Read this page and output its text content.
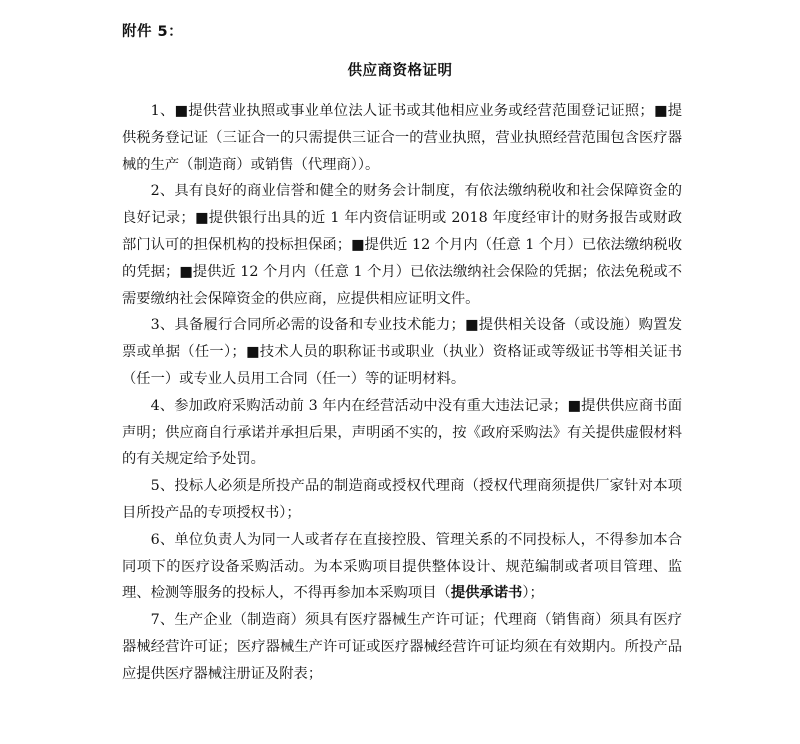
附件 5：
供应商资格证明

1、■提供营业执照或事业单位法人证书或其他相应业务或经营范围登记证照；■提供税务登记证（三证合一的只需提供三证合一的营业执照，营业执照经营范围包含医疗器械的生产（制造商）或销售（代理商））。

2、具有良好的商业信誉和健全的财务会计制度，有依法缴纳税收和社会保障资金的良好记录；■提供银行出具的近 1 年内资信证明或 2018 年度经审计的财务报告或财政部门认可的担保机构的投标担保函；■提供近 12 个月内（任意 1 个月）已依法缴纳税收的凭据；■提供近 12 个月内（任意 1 个月）已依法缴纳社会保险的凭据；依法免税或不需要缴纳社会保障资金的供应商，应提供相应证明文件。

3、具备履行合同所必需的设备和专业技术能力；■提供相关设备（或设施）购置发票或单据（任一）；■技术人员的职称证书或职业（执业）资格证或等级证书等相关证书（任一）或专业人员用工合同（任一）等的证明材料。

4、参加政府采购活动前 3 年内在经营活动中没有重大违法记录；■提供供应商书面声明；供应商自行承诺并承担后果，声明函不实的，按《政府采购法》有关提供虚假材料的有关规定给予处罚。

5、投标人必须是所投产品的制造商或授权代理商（授权代理商须提供厂家针对本项目所投产品的专项授权书）；

6、单位负责人为同一人或者存在直接控股、管理关系的不同投标人，不得参加本合同项下的医疗设备采购活动。为本采购项目提供整体设计、规范编制或者项目管理、监理、检测等服务的投标人，不得再参加本采购项目（提供承诺书）；

7、生产企业（制造商）须具有医疗器械生产许可证；代理商（销售商）须具有医疗器械经营许可证；医疗器械生产许可证或医疗器械经营许可证均须在有效期内。所投产品应提供医疗器械注册证及附表；
